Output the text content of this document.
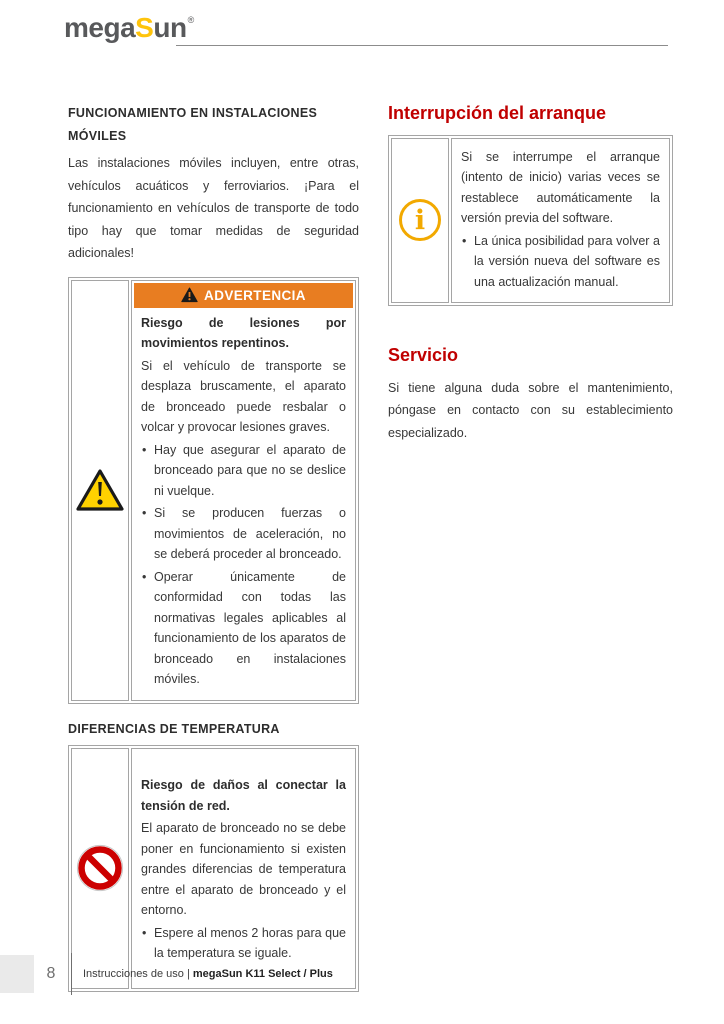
megaSun®
FUNCIONAMIENTO EN INSTALACIONES MÓVILES

Las instalaciones móviles incluyen, entre otras, vehículos acuáticos y ferroviarios. ¡Para el funcionamiento en vehículos de transporte de todo tipo hay que tomar medidas de seguridad adicionales!

ADVERTENCIA

Riesgo de lesiones por movimientos repentinos.

Si el vehículo de transporte se desplaza bruscamente, el aparato de bronceado puede resbalar o volcar y provocar lesiones graves.

• Hay que asegurar el aparato de bronceado para que no se deslice ni vuelque.
• Si se producen fuerzas o movimientos de aceleración, no se deberá proceder al bronceado.
• Operar únicamente de conformidad con todas las normativas legales aplicables al funcionamiento de los aparatos de bronceado en instalaciones móviles.
DIFERENCIAS DE TEMPERATURA

Riesgo de daños al conectar la tensión de red.

El aparato de bronceado no se debe poner en funcionamiento si existen grandes diferencias de temperatura entre el aparato de bronceado y el entorno.

• Espere al menos 2 horas para que la temperatura se iguale.
Interrupción del arranque
i

Si se interrumpe el arranque (intento de inicio) varias veces se restablece automáticamente la versión previa del software.

• La única posibilidad para volver a la versión nueva del software es una actualización manual.
Servicio

Si tiene alguna duda sobre el mantenimiento, póngase en contacto con su establecimiento especializado.

8	Instrucciones de uso | megaSun K11 Select / Plus
